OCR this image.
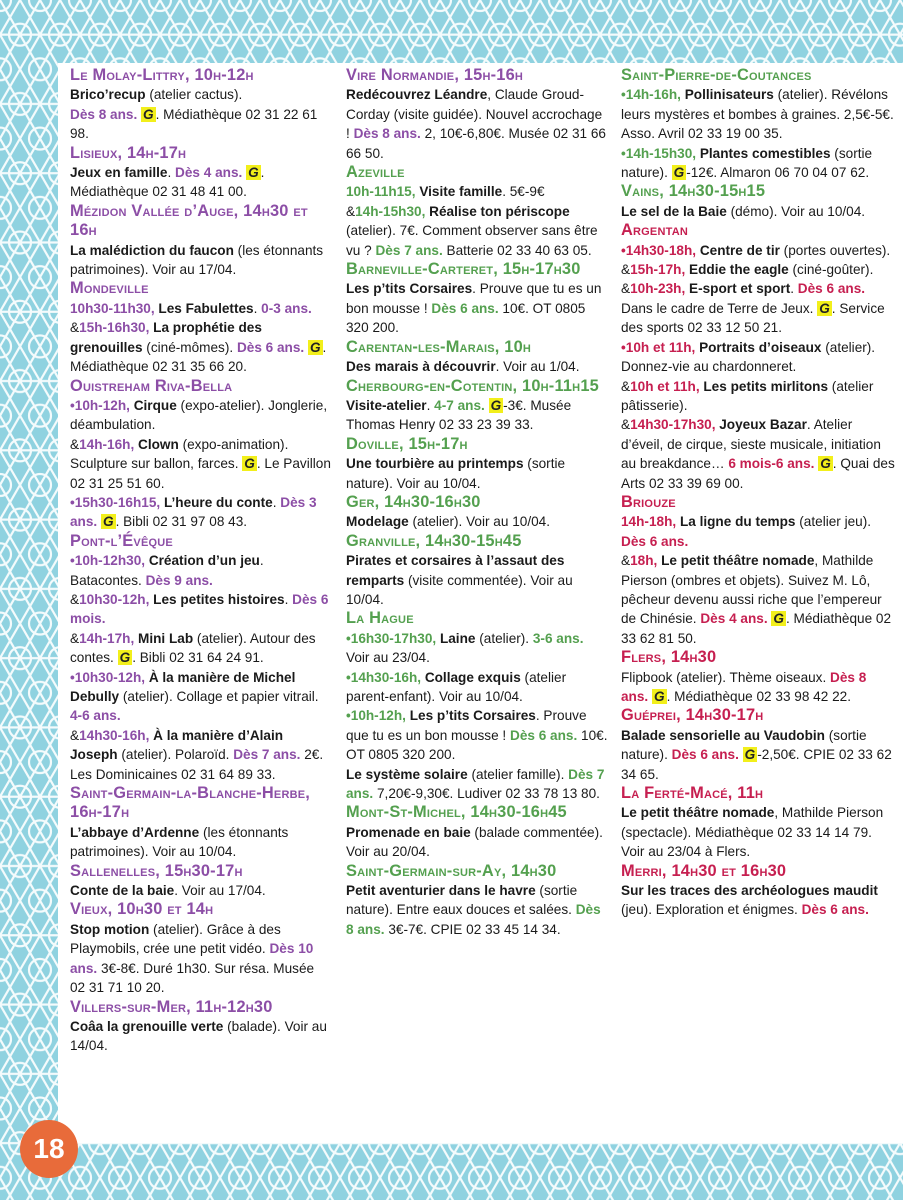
Le Molay-Littry, 10h-12h
Brico’recup (atelier cactus).
Dès 8 ans. G . Médiathèque 02 31 22 61 98.
Lisieux, 14h-17h
Jeux en famille. Dès 4 ans. G . Médiathèque 02 31 48 41 00.
Mézidon Vallée d’Auge, 14h30 et 16h
La malédiction du faucon (les étonnants patrimoines). Voir au 17/04.
Mondeville
10h30-11h30, Les Fabulettes. 0-3 ans.
&15h-16h30, La prophétie des grenouilles (ciné-mômes). Dès 6 ans. G . Médiathèque 02 31 35 66 20.
Ouistreham Riva-Bella
•10h-12h, Cirque (expo-atelier). Jonglerie, déambulation.
&14h-16h, Clown (expo-animation). Sculpture sur ballon, farces. G . Le Pavillon 02 31 25 51 60.
•15h30-16h15, L’heure du conte. Dès 3 ans. G . Bibli 02 31 97 08 43.
Pont-l’Évêque
•10h-12h30, Création d’un jeu. Batacontes. Dès 9 ans.
&10h30-12h, Les petites histoires. Dès 6 mois.
&14h-17h, Mini Lab (atelier). Autour des contes. G . Bibli 02 31 64 24 91.
•10h30-12h, À la manière de Michel Debully (atelier). Collage et papier vitrail. 4-6 ans.
&14h30-16h, À la manière d’Alain Joseph (atelier). Polaroïd. Dès 7 ans. 2€. Les Dominicaines 02 31 64 89 33.
Saint-Germain-la-Blanche-Herbe, 16h-17h
L’abbaye d’Ardenne (les étonnants patrimoines). Voir au 10/04.
Sallenelles, 15h30-17h
Conte de la baie. Voir au 17/04.
Vieux, 10h30 et 14h
Stop motion (atelier). Grâce à des Playmobils, crée une petit vidéo. Dès 10 ans. 3€-8€. Duré 1h30. Sur résa. Musée 02 31 71 10 20.
Villers-sur-Mer, 11h-12h30
Coâa la grenouille verte (balade). Voir au 14/04.
Vire Normandie, 15h-16h
Redécouvrez Léandre, Claude Groud-Corday (visite guidée). Nouvel accrochage ! Dès 8 ans. 2, 10€-6,80€. Musée 02 31 66 66 50.
Azeville
10h-11h15, Visite famille. 5€-9€
&14h-15h30, Réalise ton périscope (atelier). 7€. Comment observer sans être vu ? Dès 7 ans. Batterie 02 33 40 63 05.
Barneville-Carteret, 15h-17h30
Les p’tits Corsaires. Prouve que tu es un bon mousse ! Dès 6 ans. 10€. OT 0805 320 200.
Carentan-les-Marais, 10h
Des marais à découvrir. Voir au 1/04.
Cherbourg-en-Cotentin, 10h-11h15
Visite-atelier. 4-7 ans. G -3€. Musée Thomas Henry 02 33 23 39 33.
Doville, 15h-17h
Une tourbière au printemps (sortie nature). Voir au 10/04.
Ger, 14h30-16h30
Modelage (atelier). Voir au 10/04.
Granville, 14h30-15h45
Pirates et corsaires à l’assaut des remparts (visite commentée). Voir au 10/04.
La Hague
•16h30-17h30, Laine (atelier). 3-6 ans. Voir au 23/04.
•14h30-16h, Collage exquis (atelier parent-enfant). Voir au 10/04.
•10h-12h, Les p’tits Corsaires. Prouve que tu es un bon mousse ! Dès 6 ans. 10€. OT 0805 320 200.
Le système solaire (atelier famille). Dès 7 ans. 7,20€-9,30€. Ludiver 02 33 78 13 80.
Mont-St-Michel, 14h30-16h45
Promenade en baie (balade commentée). Voir au 20/04.
Saint-Germain-sur-Ay, 14h30
Petit aventurier dans le havre (sortie nature). Entre eaux douces et salées. Dès 8 ans. 3€-7€. CPIE 02 33 45 14 34.
Saint-Pierre-de-Coutances
•14h-16h, Pollinisateurs (atelier). Révélons leurs mystères et bombes à graines. 2,5€-5€. Asso. Avril 02 33 19 00 35.
•14h-15h30, Plantes comestibles (sortie nature). G -12€. Almaron 06 70 04 07 62.
Vains, 14h30-15h15
Le sel de la Baie (démo). Voir au 10/04.
Argentan
•14h30-18h, Centre de tir (portes ouvertes).
&15h-17h, Eddie the eagle (ciné-goûter).
&10h-23h, E-sport et sport. Dès 6 ans. Dans le cadre de Terre de Jeux. G . Service des sports 02 33 12 50 21.
•10h et 11h, Portraits d’oiseaux (atelier). Donnez-vie au chardonneret.
&10h et 11h, Les petits mirlitons (atelier pâtisserie).
&14h30-17h30, Joyeux Bazar. Atelier d’éveil, de cirque, sieste musicale, initiation au breakdance… 6 mois-6 ans. G . Quai des Arts 02 33 39 69 00.
Briouze
14h-18h, La ligne du temps (atelier jeu). Dès 6 ans.
&18h, Le petit théâtre nomade, Mathilde Pierson (ombres et objets). Suivez M. Lô, pêcheur devenu aussi riche que l’empereur de Chinésie. Dès 4 ans. G . Médiathèque 02 33 62 81 50.
Flers, 14h30
Flipbook (atelier). Thème oiseaux. Dès 8 ans. G . Médiathèque 02 33 98 42 22.
Guéprei, 14h30-17h
Balade sensorielle au Vaudobin (sortie nature). Dès 6 ans. G -2,50€. CPIE 02 33 62 34 65.
La Ferté-Macé, 11h
Le petit théâtre nomade, Mathilde Pierson (spectacle). Médiathèque 02 33 14 14 79. Voir au 23/04 à Flers.
Merri, 14h30 et 16h30
Sur les traces des archéologues maudit (jeu). Exploration et énigmes. Dès 6 ans.
18
